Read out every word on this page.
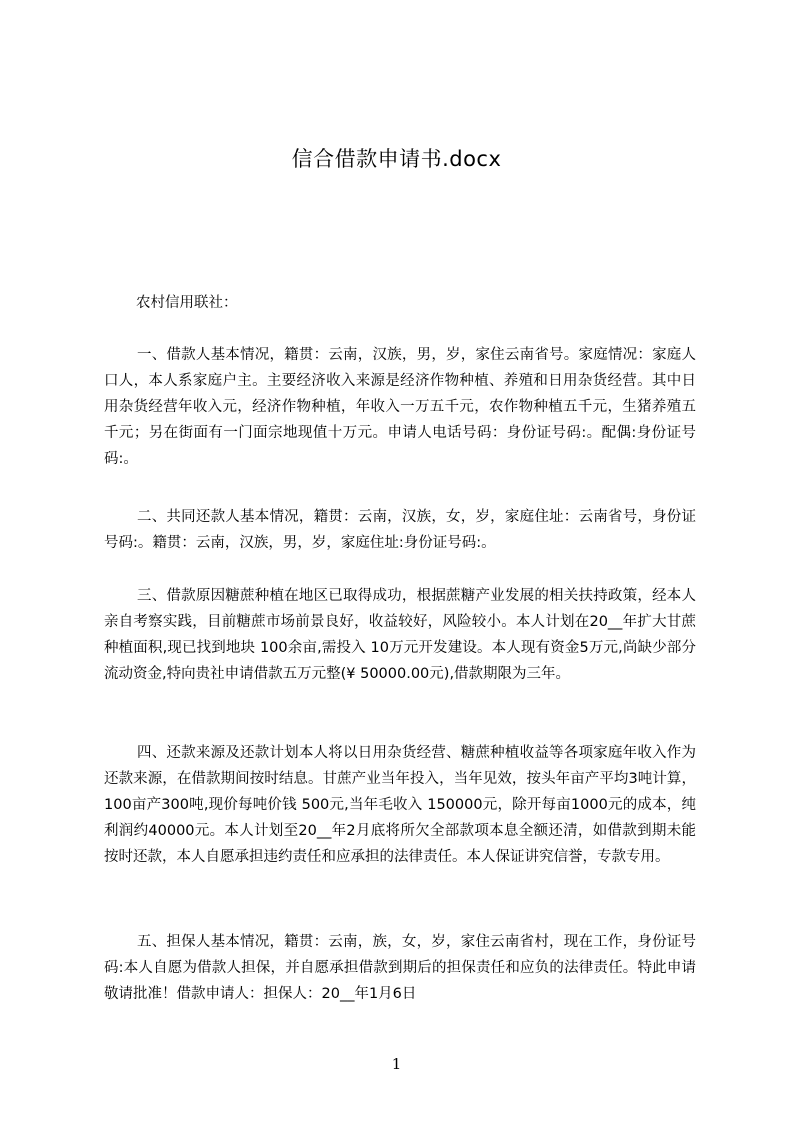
信合借款申请书.docx
农村信用联社：

一、借款人基本情况，籍贯：云南，汉族，男，岁，家住云南省号。家庭情况：家庭人口人，本人系家庭户主。主要经济收入来源是经济作物种植、养殖和日用杂货经营。其中日用杂货经营年收入元，经济作物种植，年收入一万五千元，农作物种植五千元，生猪养殖五千元；另在街面有一门面宗地现值十万元。申请人电话号码：身份证号码:。配偶:身份证号码:。

二、共同还款人基本情况，籍贯：云南，汉族，女，岁，家庭住址：云南省号，身份证号码:。籍贯：云南，汉族，男，岁，家庭住址:身份证号码:。

三、借款原因糖蔗种植在地区已取得成功，根据蔗糖产业发展的相关扶持政策，经本人亲自考察实践，目前糖蔗市场前景良好，收益较好，风险较小。本人计划在20__年扩大甘蔗种植面积,现已找到地块 100余亩,需投入 10万元开发建设。本人现有资金5万元,尚缺少部分流动资金,特向贵社申请借款五万元整(¥ 50000.00元),借款期限为三年。

四、还款来源及还款计划本人将以日用杂货经营、糖蔗种植收益等各项家庭年收入作为还款来源，在借款期间按时结息。甘蔗产业当年投入，当年见效，按头年亩产平均3吨计算，100亩产300吨,现价每吨价钱 500元,当年毛收入 150000元，除开每亩1000元的成本，纯利润约40000元。本人计划至20__年2月底将所欠全部款项本息全额还清，如借款到期未能按时还款，本人自愿承担违约责任和应承担的法律责任。本人保证讲究信誉，专款专用。

五、担保人基本情况，籍贯：云南，族，女，岁，家住云南省村，现在工作，身份证号码:本人自愿为借款人担保，并自愿承担借款到期后的担保责任和应负的法律责任。特此申请敬请批准！借款申请人：担保人：20__年1月6日

1
